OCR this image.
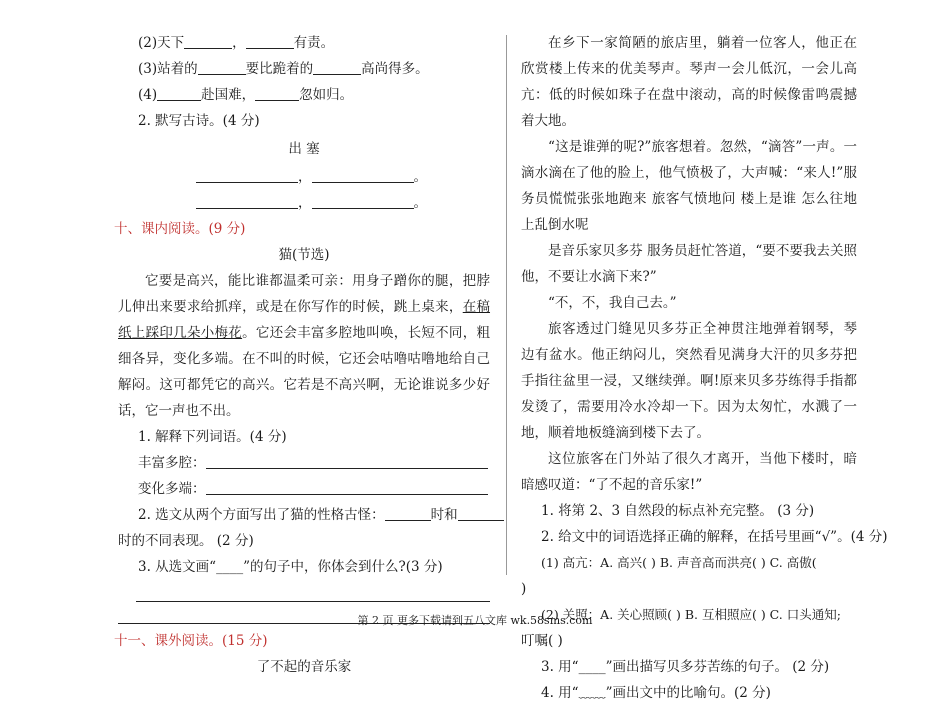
(2)天下	，	有责。
(3)站着的	要比跪着的	高尚得多。
(4)	赴国难，	忽如归。
2. 默写古诗。(4 分)
出 塞
，	。
，	。
十、课内阅读。(9 分)
猫(节选)

它要是高兴，能比谁都温柔可亲：用身子蹭你的腿，把脖儿伸出来要求给抓痒，或是在你写作的时候，跳上桌来，在稿纸上踩印几朵小梅花。它还会丰富多腔地叫唤，长短不同，粗细各异，变化多端。在不叫的时候，它还会咕噜咕噜地给自己解闷。这可都凭它的高兴。它若是不高兴啊，无论谁说多少好话，它一声也不出。

1. 解释下列词语。(4 分)
丰富多腔：
变化多端：
2. 选文从两个方面写出了猫的性格古怪：	时和
时的不同表现。 (2 分)
3. 从选文画“____”的句子中，你体会到什么?(3 分)
十一、课外阅读。(15 分)
了不起的音乐家

在乡下一家简陋的旅店里，躺着一位客人，他正在欣赏楼上传来的优美琴声。琴声一会儿低沉，一会儿高亢：低的时候如珠子在盘中滚动，高的时候像雷鸣震撼着大地。

“这是谁弹的呢?”旅客想着。忽然，“滴答”一声。一滴水滴在了他的脸上，他气愤极了，大声喊：“来人!”服务员慌慌张张地跑来 旅客气愤地问 楼上是谁 怎么往地上乱倒水呢

是音乐家贝多芬 服务员赶忙答道，“要不要我去关照他，不要让水滴下来?”

“不，不，我自己去。”

旅客透过门缝见贝多芬正全神贯注地弹着钢琴，琴边有盆水。他正纳闷儿，突然看见满身大汗的贝多芬把手指往盆里一浸，又继续弹。啊!原来贝多芬练得手指都发烫了，需要用冷水冷却一下。因为太匆忙，水溅了一地，顺着地板缝滴到楼下去了。

这位旅客在门外站了很久才离开，当他下楼时，暗暗感叹道：“了不起的音乐家!”

1. 将第 2、3 自然段的标点补充完整。 (3 分)
2. 给文中的词语选择正确的解释，在括号里画“√”。(4 分)
(1) 高亢：A. 高兴( ) B. 声音高而洪亮( ) C. 高傲(
)
(2) 关照：A. 关心照顾( ) B. 互相照应( ) C. 口头通知;
叮嘱( )
3. 用“____”画出描写贝多芬苦练的句子。 (2 分)
4. 用“﹏﹏”画出文中的比喻句。(2 分)
第 2 页 更多下载请到五八文库 wk.58sms.com
